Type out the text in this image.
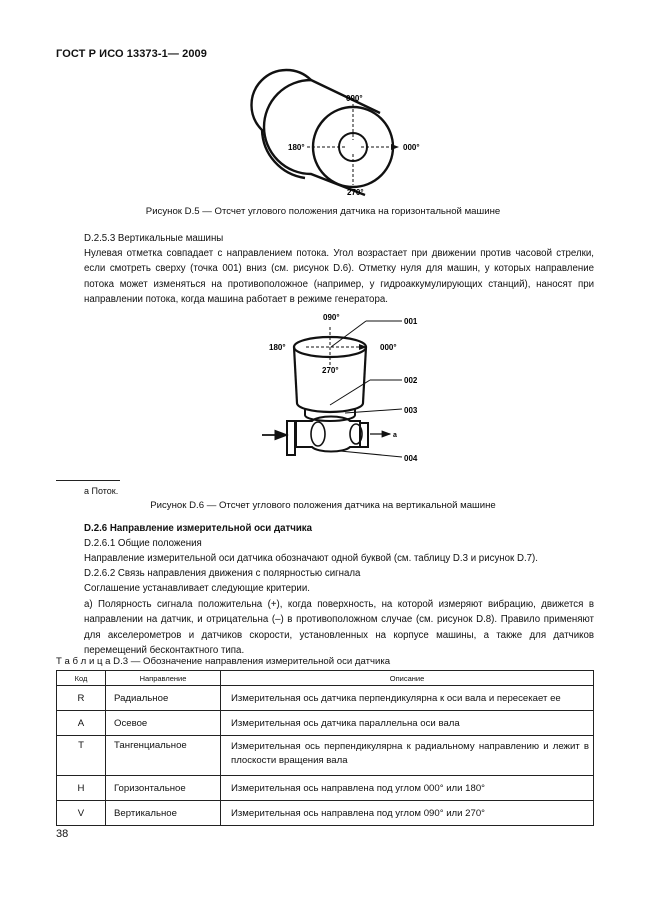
ГОСТ Р ИСО 13373-1— 2009
090°
180°	000°
270°
Рисунок D.5 — Отсчет углового положения датчика на горизонтальной машине
D.2.5.3 Вертикальные машины
Нулевая отметка совпадает с направлением потока. Угол возрастает при движении против часовой стрелки, если смотреть сверху (точка 001) вниз (см. рисунок D.6). Отметку нуля для машин, у которых направление потока может изменяться на противоположное (например, у гидроаккумулирующих станций), наносят при направлении потока, когда машина работает в режиме генератора.
090°
180°	000°
270°
001
002
003
004
a
a Поток.
Рисунок D.6 — Отсчет углового положения датчика на вертикальной машине
D.2.6 Направление измерительной оси датчика
D.2.6.1 Общие положения
Направление измерительной оси датчика обозначают одной буквой (см. таблицу D.3 и рисунок D.7).
D.2.6.2 Связь направления движения с полярностью сигнала
Соглашение устанавливает следующие критерии.
а) Полярность сигнала положительна (+), когда поверхность, на которой измеряют вибрацию, движется в направлении на датчик, и отрицательна (–) в противоположном случае (см. рисунок D.8). Правило применяют для акселерометров и датчиков скорости, установленных на корпусе машины, а также для датчиков перемещений бесконтактного типа.
Т а б л и ц а D.3 — Обозначение направления измерительной оси датчика
Код	Направление	Описание
R	Радиальное	Измерительная ось датчика перпендикулярна к оси вала и пересекает ее
A	Осевое	Измерительная ось датчика параллельна оси вала
T	Тангенциальное	Измерительная ось перпендикулярна к радиальному направлению и лежит в плоскости вращения вала
H	Горизонтальное	Измерительная ось направлена под углом 000° или 180°
V	Вертикальное	Измерительная ось направлена под углом 090° или 270°
38
